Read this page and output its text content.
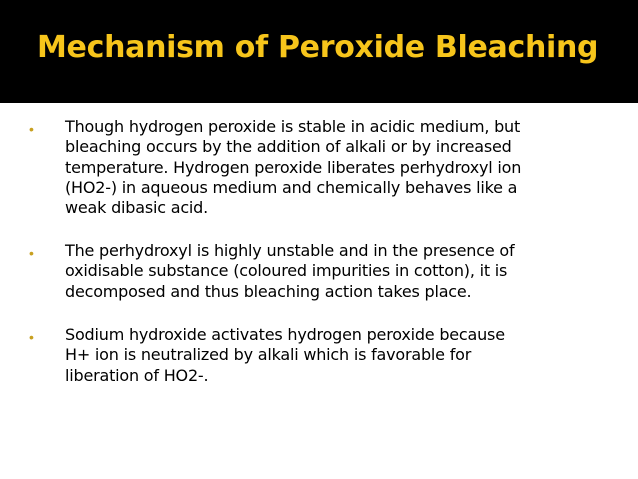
Mechanism of Peroxide Bleaching
• Though hydrogen peroxide is stable in acidic medium, but
bleaching occurs by the addition of alkali or by increased
temperature. Hydrogen peroxide liberates perhydroxyl ion
(HO2-) in aqueous medium and chemically behaves like a
weak dibasic acid.
• The perhydroxyl is highly unstable and in the presence of
oxidisable substance (coloured impurities in cotton), it is
decomposed and thus bleaching action takes place.
• Sodium hydroxide activates hydrogen peroxide because
H+ ion is neutralized by alkali which is favorable for
liberation of HO2-.
